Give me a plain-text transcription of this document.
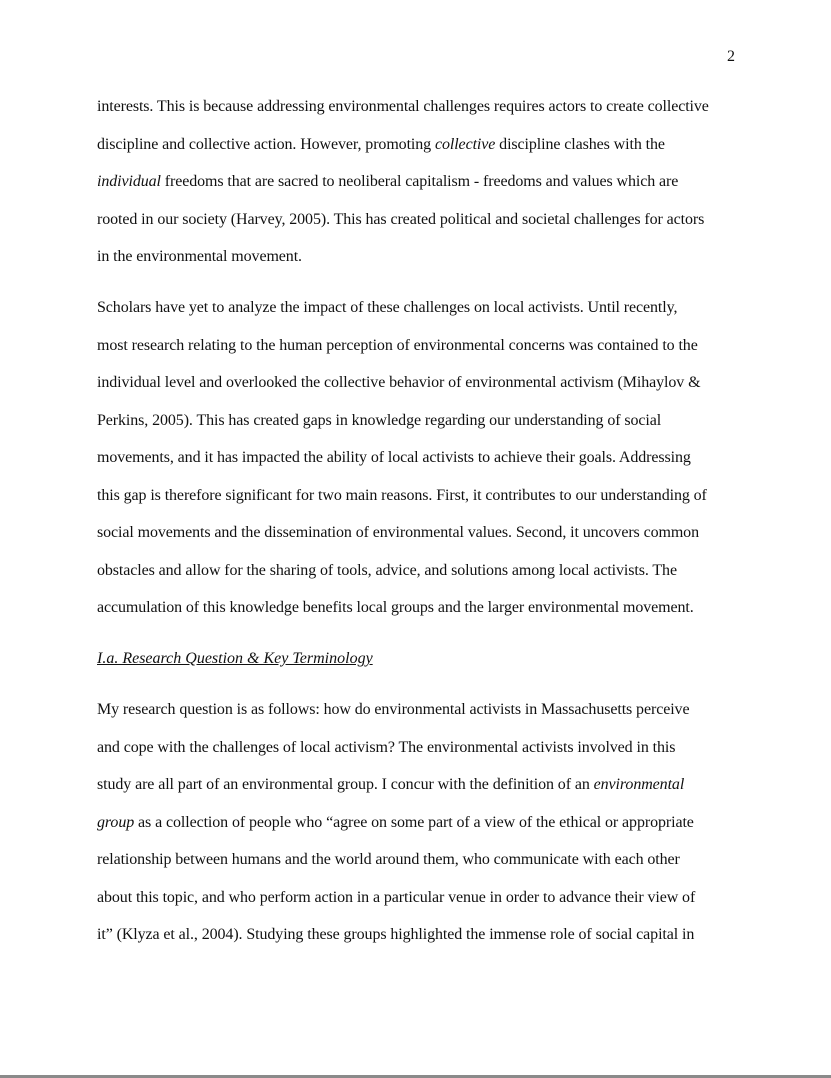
2
interests. This is because addressing environmental challenges requires actors to create collective
discipline and collective action. However, promoting collective discipline clashes with the
individual freedoms that are sacred to neoliberal capitalism - freedoms and values which are
rooted in our society (Harvey, 2005). This has created political and societal challenges for actors
in the environmental movement.
Scholars have yet to analyze the impact of these challenges on local activists. Until recently,
most research relating to the human perception of environmental concerns was contained to the
individual level and overlooked the collective behavior of environmental activism (Mihaylov &
Perkins, 2005). This has created gaps in knowledge regarding our understanding of social
movements, and it has impacted the ability of local activists to achieve their goals. Addressing
this gap is therefore significant for two main reasons. First, it contributes to our understanding of
social movements and the dissemination of environmental values. Second, it uncovers common
obstacles and allow for the sharing of tools, advice, and solutions among local activists. The
accumulation of this knowledge benefits local groups and the larger environmental movement.
I.a. Research Question & Key Terminology
My research question is as follows: how do environmental activists in Massachusetts perceive
and cope with the challenges of local activism? The environmental activists involved in this
study are all part of an environmental group. I concur with the definition of an environmental
group as a collection of people who “agree on some part of a view of the ethical or appropriate
relationship between humans and the world around them, who communicate with each other
about this topic, and who perform action in a particular venue in order to advance their view of
it” (Klyza et al., 2004). Studying these groups highlighted the immense role of social capital in
